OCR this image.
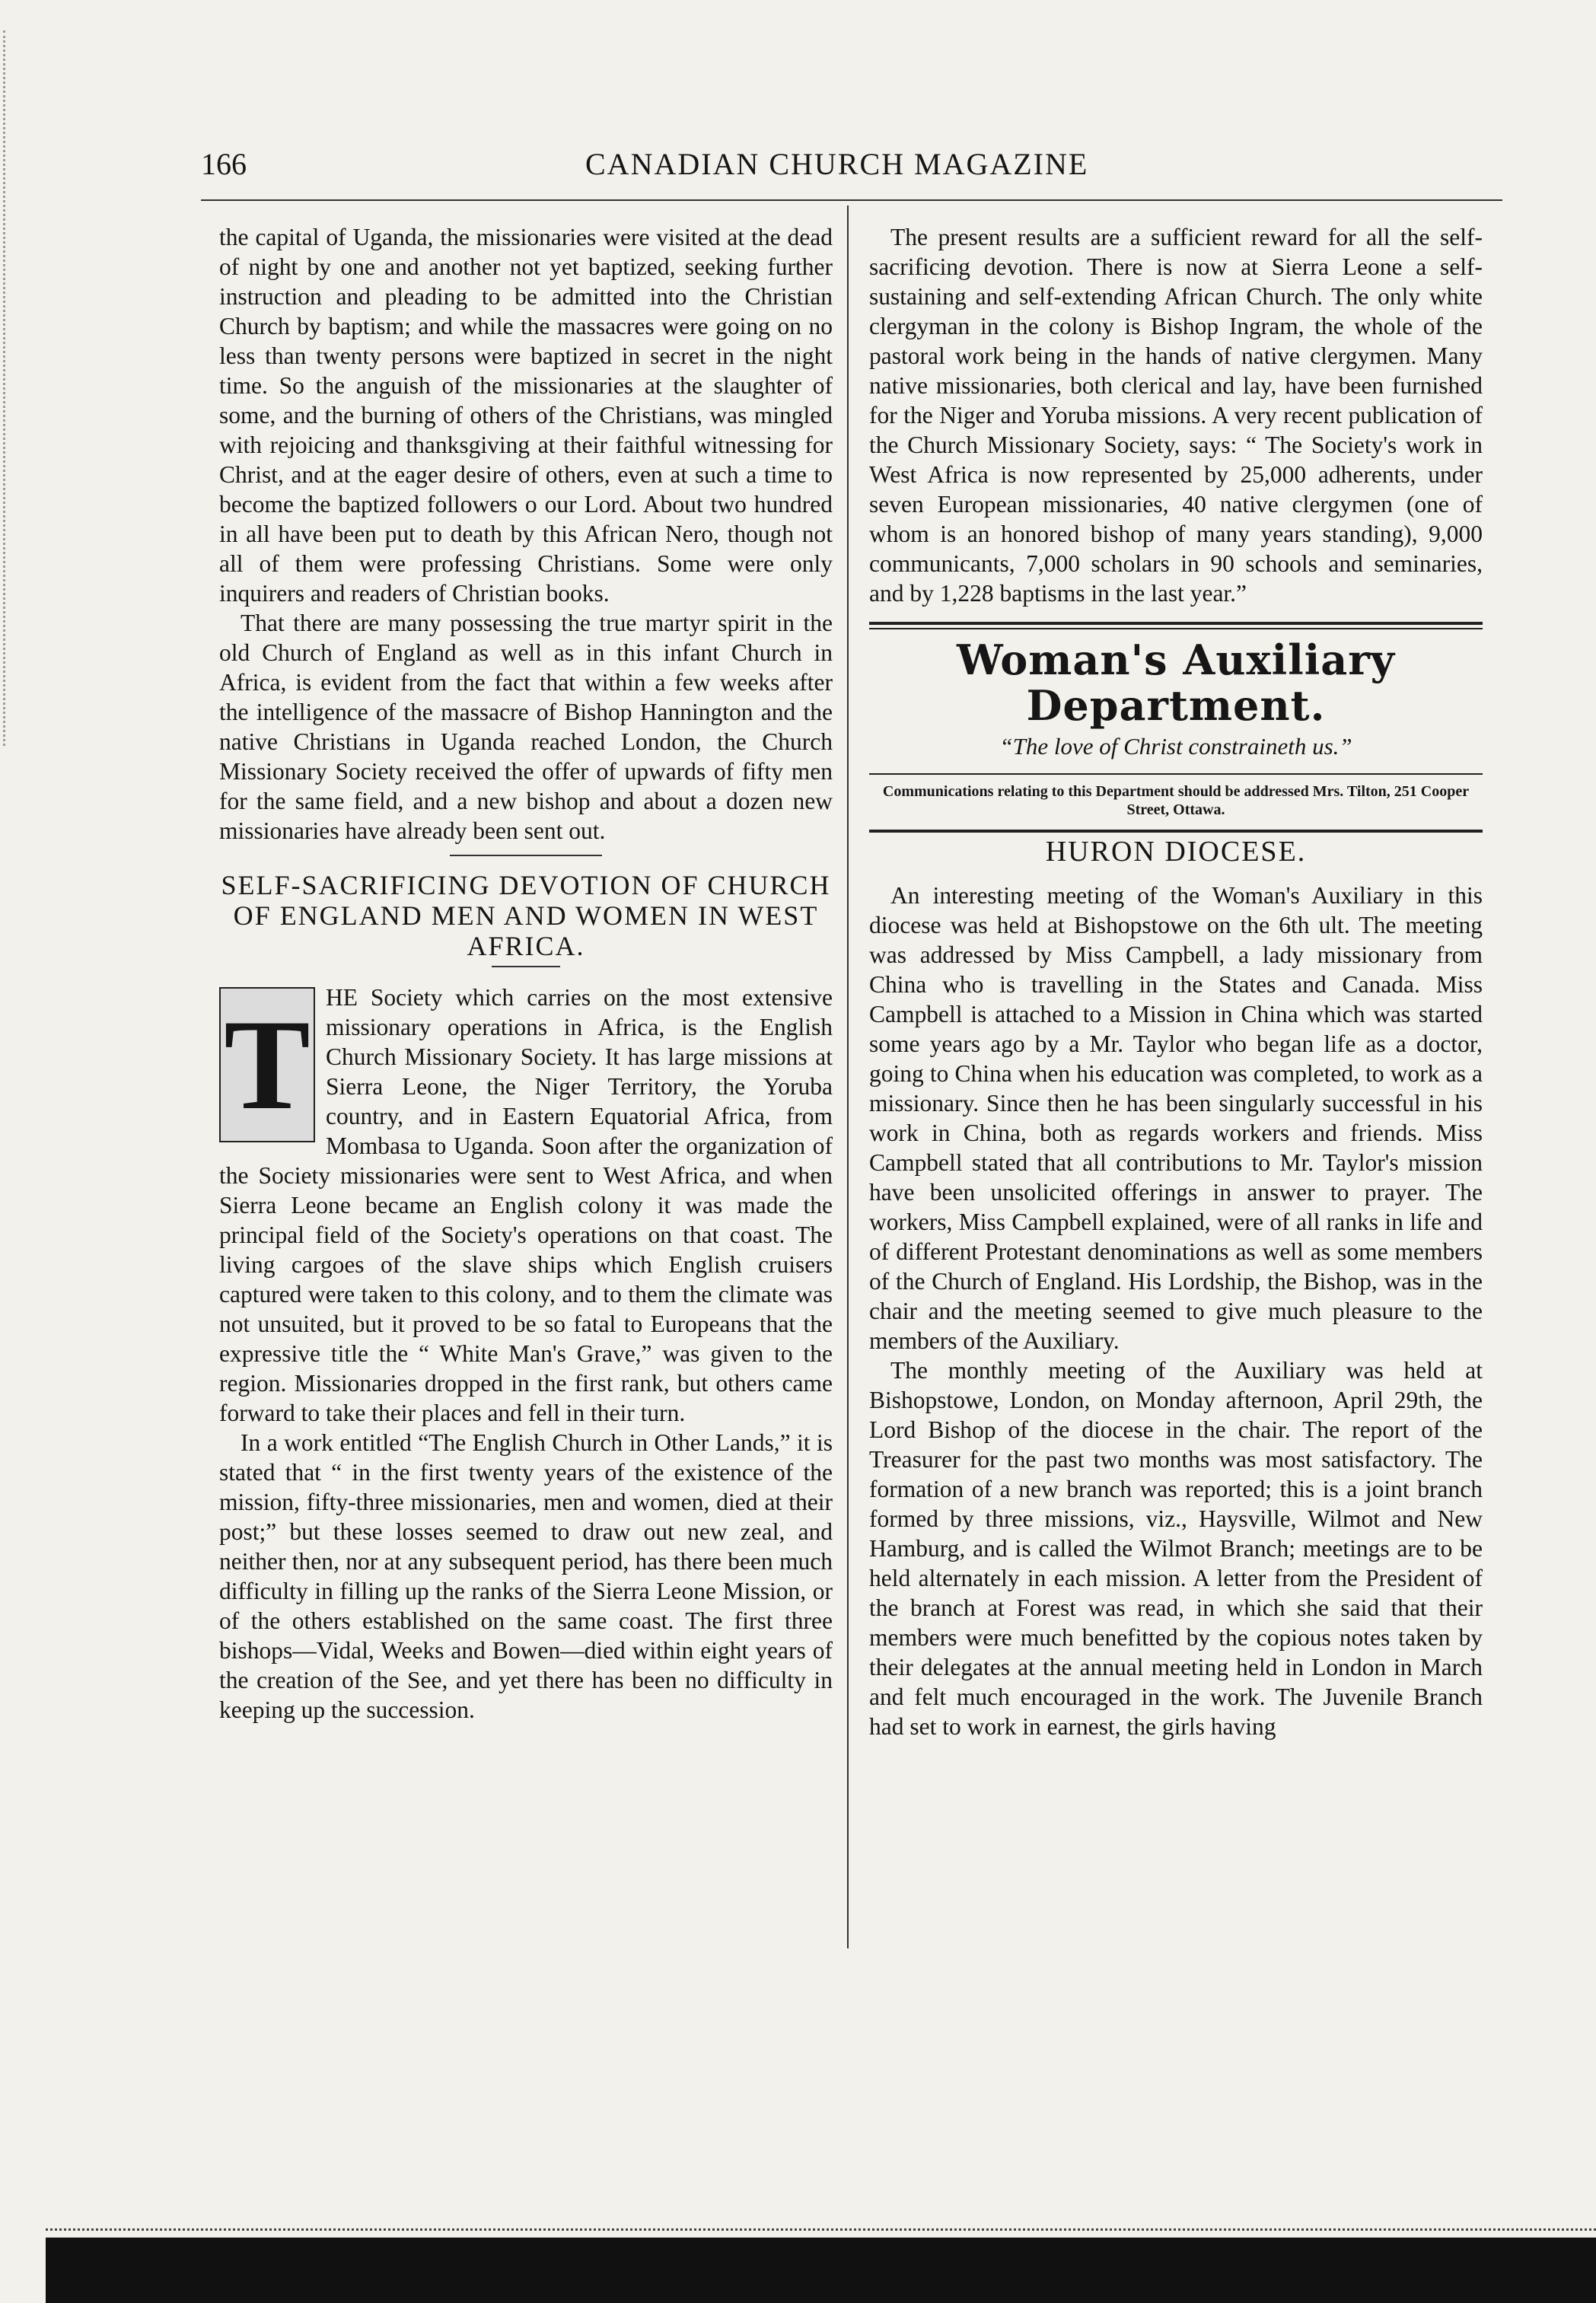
166	CANADIAN CHURCH MAGAZINE

the capital of Uganda, the missionaries were visited at the dead of night by one and another not yet baptized, seeking further instruction and pleading to be admitted into the Christian Church by baptism; and while the massacres were going on no less than twenty persons were baptized in secret in the night time. So the anguish of the missionaries at the slaughter of some, and the burning of others of the Christians, was mingled with rejoicing and thanksgiving at their faithful witnessing for Christ, and at the eager desire of others, even at such a time to become the baptized followers o our Lord. About two hundred in all have been put to death by this African Nero, though not all of them were professing Christians. Some were only inquirers and readers of Christian books.

That there are many possessing the true martyr spirit in the old Church of England as well as in this infant Church in Africa, is evident from the fact that within a few weeks after the intelligence of the massacre of Bishop Hannington and the native Christians in Uganda reached London, the Church Missionary Society received the offer of upwards of fifty men for the same field, and a new bishop and about a dozen new missionaries have already been sent out.

SELF-SACRIFICING DEVOTION OF CHURCH OF ENGLAND MEN AND WOMEN IN WEST AFRICA.
T HE Society which carries on the most extensive missionary operations in Africa, is the English Church Missionary Society. It has large missions at Sierra Leone, the Niger Territory, the Yoruba country, and in Eastern Equatorial Africa, from Mombasa to Uganda. Soon after the organization of the Society missionaries were sent to West Africa, and when Sierra Leone became an English colony it was made the principal field of the Society's operations on that coast. The living cargoes of the slave ships which English cruisers captured were taken to this colony, and to them the climate was not unsuited, but it proved to be so fatal to Europeans that the expressive title the “ White Man's Grave,” was given to the region. Missionaries dropped in the first rank, but others came forward to take their places and fell in their turn.

In a work entitled “The English Church in Other Lands,” it is stated that “ in the first twenty years of the existence of the mission, fifty-three missionaries, men and women, died at their post;” but these losses seemed to draw out new zeal, and neither then, nor at any subsequent period, has there been much difficulty in filling up the ranks of the Sierra Leone Mission, or of the others established on the same coast. The first three bishops—Vidal, Weeks and Bowen—died within eight years of the creation of the See, and yet there has been no difficulty in keeping up the succession.

The present results are a sufficient reward for all the self-sacrificing devotion. There is now at Sierra Leone a self-sustaining and self-extending African Church. The only white clergyman in the colony is Bishop Ingram, the whole of the pastoral work being in the hands of native clergymen. Many native missionaries, both clerical and lay, have been furnished for the Niger and Yoruba missions. A very recent publication of the Church Missionary Society, says: “ The Society's work in West Africa is now represented by 25,000 adherents, under seven European missionaries, 40 native clergymen (one of whom is an honored bishop of many years standing), 9,000 communicants, 7,000 scholars in 90 schools and seminaries, and by 1,228 baptisms in the last year.”

Woman's Auxiliary Department.
“The love of Christ constraineth us.”
Communications relating to this Department should be addressed Mrs. Tilton, 251 Cooper Street, Ottawa.
HURON DIOCESE.

An interesting meeting of the Woman's Auxiliary in this diocese was held at Bishopstowe on the 6th ult. The meeting was addressed by Miss Campbell, a lady missionary from China who is travelling in the States and Canada. Miss Campbell is attached to a Mission in China which was started some years ago by a Mr. Taylor who began life as a doctor, going to China when his education was completed, to work as a missionary. Since then he has been singularly successful in his work in China, both as regards workers and friends. Miss Campbell stated that all contributions to Mr. Taylor's mission have been unsolicited offerings in answer to prayer. The workers, Miss Campbell explained, were of all ranks in life and of different Protestant denominations as well as some members of the Church of England. His Lordship, the Bishop, was in the chair and the meeting seemed to give much pleasure to the members of the Auxiliary.

The monthly meeting of the Auxiliary was held at Bishopstowe, London, on Monday afternoon, April 29th, the Lord Bishop of the diocese in the chair. The report of the Treasurer for the past two months was most satisfactory. The formation of a new branch was reported; this is a joint branch formed by three missions, viz., Haysville, Wilmot and New Hamburg, and is called the Wilmot Branch; meetings are to be held alternately in each mission. A letter from the President of the branch at Forest was read, in which she said that their members were much benefitted by the copious notes taken by their delegates at the annual meeting held in London in March and felt much encouraged in the work. The Juvenile Branch had set to work in earnest, the girls having
